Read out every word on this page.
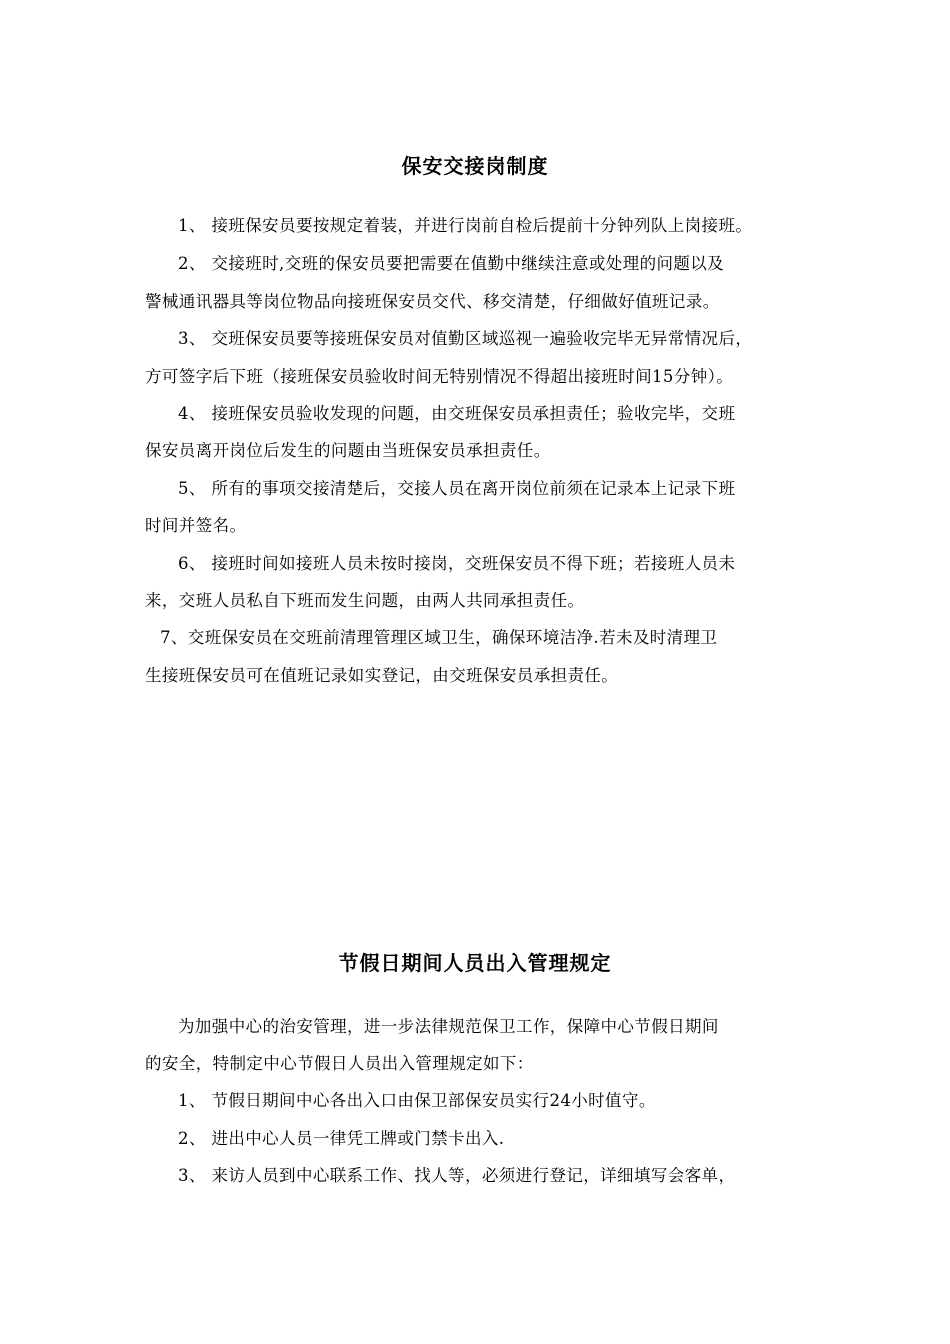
保安交接岗制度

1、 接班保安员要按规定着装，并进行岗前自检后提前十分钟列队上岗接班。

2、 交接班时,交班的保安员要把需要在值勤中继续注意或处理的问题以及

警械通讯器具等岗位物品向接班保安员交代、移交清楚，仔细做好值班记录。

3、 交班保安员要等接班保安员对值勤区域巡视一遍验收完毕无异常情况后，

方可签字后下班（接班保安员验收时间无特别情况不得超出接班时间15分钟）。

4、 接班保安员验收发现的问题，由交班保安员承担责任；验收完毕，交班

保安员离开岗位后发生的问题由当班保安员承担责任。

5、 所有的事项交接清楚后，交接人员在离开岗位前须在记录本上记录下班

时间并签名。

6、 接班时间如接班人员未按时接岗，交班保安员不得下班；若接班人员未

来，交班人员私自下班而发生问题，由两人共同承担责任。

7、交班保安员在交班前清理管理区域卫生，确保环境洁净.若未及时清理卫

生接班保安员可在值班记录如实登记，由交班保安员承担责任。

节假日期间人员出入管理规定

为加强中心的治安管理，进一步法律规范保卫工作，保障中心节假日期间

的安全，特制定中心节假日人员出入管理规定如下：

1、 节假日期间中心各出入口由保卫部保安员实行24小时值守。

2、 进出中心人员一律凭工牌或门禁卡出入.

3、 来访人员到中心联系工作、找人等，必须进行登记，详细填写会客单，
